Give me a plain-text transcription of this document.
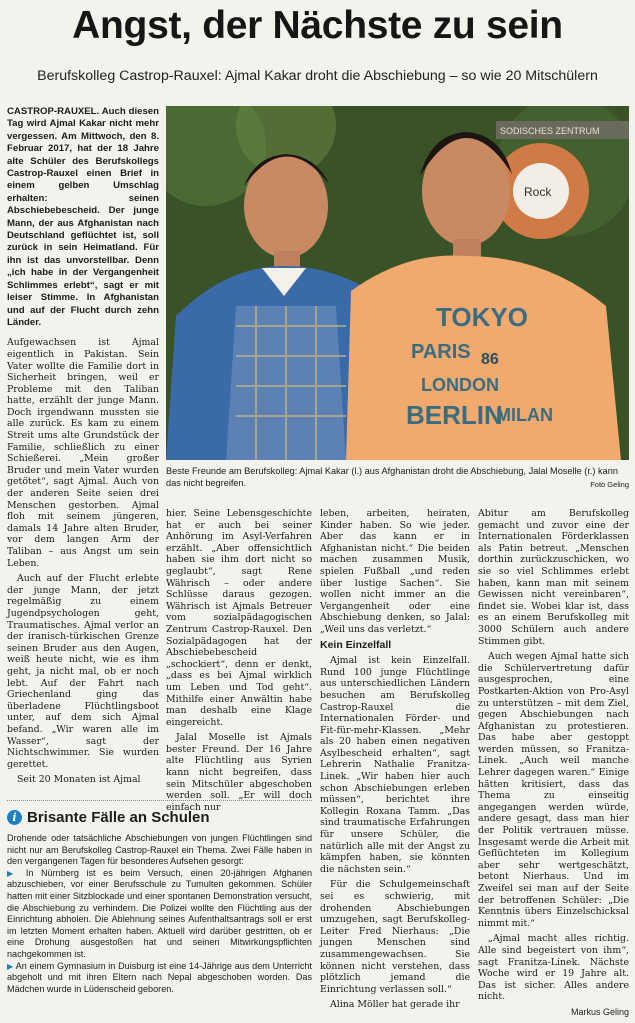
Angst, der Nächste zu sein
Berufskolleg Castrop-Rauxel: Ajmal Kakar droht die Abschiebung – so wie 20 Mitschülern

CASTROP-RAUXEL. Auch diesen Tag wird Ajmal Kakar nicht mehr vergessen. Am Mittwoch, den 8. Februar 2017, hat der 18 Jahre alte Schüler des Berufskollegs Castrop-Rauxel einen Brief in einem gelben Umschlag erhalten: seinen Abschiebebescheid. Der junge Mann, der aus Afghanistan nach Deutschland geflüchtet ist, soll zurück in sein Heimatland. Für ihn ist das unvorstellbar. Denn „ich habe in der Vergangenheit Schlimmes erlebt“, sagt er mit leiser Stimme. In Afghanistan und auf der Flucht durch zehn Länder.

Aufgewachsen ist Ajmal eigentlich in Pakistan. Sein Vater wollte die Familie dort in Sicherheit bringen, weil er Probleme mit den Taliban hatte, erzählt der junge Mann. Doch irgendwann mussten sie alle zurück. Es kam zu einem Streit ums alte Grundstück der Familie, schließlich zu einer Schießerei. „Mein großer Bruder und mein Vater wurden getötet“, sagt Ajmal. Auch von der anderen Seite seien drei Menschen gestorben. Ajmal floh mit seinem jüngeren, damals 14 Jahre alten Bruder, vor dem langen Arm der Taliban – aus Angst um sein Leben.

Auch auf der Flucht erlebte der junge Mann, der jetzt regelmäßig zu einem Jugendpsychologen geht, Traumatisches. Ajmal verlor an der iranisch-türkischen Grenze seinen Bruder aus den Augen, weiß heute nicht, wie es ihm geht, ja nicht mal, ob er noch lebt. Auf der Fahrt nach Griechenland ging das überladene Flüchtlingsboot unter, auf dem sich Ajmal befand. „Wir waren alle im Wasser“, sagt der Nichtschwimmer. Sie wurden gerettet.

Seit 20 Monaten ist Ajmal

SODISCHES ZENTRUM
Rock
TOKYO
PARIS 86
LONDON
BERLIN
MILAN
Beste Freunde am Berufskolleg: Ajmal Kakar (l.) aus Afghanistan droht die Abschiebung, Jalal Moselle (r.) kann das nicht begreifen.	Foto Geling

hier. Seine Lebensgeschichte hat er auch bei seiner Anhörung im Asyl-Verfahren erzählt. „Aber offensichtlich haben sie ihm dort nicht so geglaubt“, sagt Rene Währisch – oder andere Schlüsse daraus gezogen. Währisch ist Ajmals Betreuer vom sozialpädagogischen Zentrum Castrop-Rauxel. Den Sozialpädagogen hat der Abschiebebescheid „schockiert“, denn er denkt, „dass es bei Ajmal wirklich um Leben und Tod geht“. Mithilfe einer Anwältin habe man deshalb eine Klage eingereicht.

Jalal Moselle ist Ajmals bester Freund. Der 16 Jahre alte Flüchtling aus Syrien kann nicht begreifen, dass sein Mitschüler abgeschoben werden soll. „Er will doch einfach nur

leben, arbeiten, heiraten, Kinder haben. So wie jeder. Aber das kann er in Afghanistan nicht.“ Die beiden machen zusammen Musik, spielen Fußball „und reden über lustige Sachen“. Sie wollen nicht immer an die Vergangenheit oder eine Abschiebung denken, so Jalal: „Weil uns das verletzt.“

Kein Einzelfall

Ajmal ist kein Einzelfall. Rund 100 junge Flüchtlinge aus unterschiedlichen Ländern besuchen am Berufskolleg Castrop-Rauxel die Internationalen Förder- und Fit-für-mehr-Klassen. „Mehr als 20 haben einen negativen Asylbescheid erhalten“, sagt Lehrerin Nathalie Franitza-Linek. „Wir haben hier auch schon Abschiebungen erleben müssen“, berichtet ihre Kollegin Roxana Tamm. „Das sind traumatische Erfahrungen für unsere Schüler, die natürlich alle mit der Angst zu kämpfen haben, sie könnten die nächsten sein.“

Für die Schulgemeinschaft sei es schwierig, mit drohenden Abschiebungen umzugehen, sagt Berufskolleg-Leiter Fred Nierhaus: „Die jungen Menschen sind zusammengewachsen. Sie können nicht verstehen, dass plötzlich jemand die Einrichtung verlassen soll.“

Alina Möller hat gerade ihr

Abitur am Berufskolleg gemacht und zuvor eine der Internationalen Förderklassen als Patin betreut. „Menschen dorthin zurückzuschicken, wo sie so viel Schlimmes erlebt haben, kann man mit seinem Gewissen nicht vereinbaren“, findet sie. Wobei klar ist, dass es an einem Berufskolleg mit 3000 Schülern auch andere Stimmen gibt.

Auch wegen Ajmal hatte sich die Schülervertretung dafür ausgesprochen, eine Postkarten-Aktion von Pro-Asyl zu unterstützen – mit dem Ziel, gegen Abschiebungen nach Afghanistan zu protestieren. Das habe aber gestoppt werden müssen, so Franitza-Linek. „Auch weil manche Lehrer dagegen waren.“ Einige hätten kritisiert, dass das Thema zu einseitig angegangen werden würde, andere gesagt, dass man hier der Politik vertrauen müsse. Insgesamt werde die Arbeit mit Geflüchteten im Kollegium aber sehr wertgeschätzt, betont Nierhaus. Und im Zweifel sei man auf der Seite der betroffenen Schüler: „Die Kenntnis übers Einzelschicksal nimmt mit.“

„Ajmal macht alles richtig. Alle sind begeistert von ihm“, sagt Franitza-Linek. Nächste Woche wird er 19 Jahre alt. Das ist sicher. Alles andere nicht.

Markus Geling

i Brisante Fälle an Schulen

Drohende oder tatsächliche Abschiebungen von jungen Flüchtlingen sind nicht nur am Berufskolleg Castrop-Rauxel ein Thema. Zwei Fälle haben in den vergangenen Tagen für besonderes Aufsehen gesorgt:

▶ In Nürnberg ist es beim Versuch, einen 20-jährigen Afghanen abzuschieben, vor einer Berufsschule zu Tumulten gekommen. Schüler hatten mit einer Sitzblockade und einer spontanen Demonstration versucht, die Abschiebung zu verhindern. Die Polizei wollte den Flüchtling aus der Einrichtung abholen. Die Ablehnung seines Aufenthaltsantrags soll er erst im letzten Moment erhalten haben. Aktuell wird darüber gestritten, ob er eine Drohung ausgestoßen hat und seinen Mitwirkungspflichten nachgekommen ist.

▶ An einem Gymnasium in Duisburg ist eine 14-Jährige aus dem Unterricht abgeholt und mit ihren Eltern nach Nepal abgeschoben worden. Das Mädchen wurde in Lüdenscheid geboren.
